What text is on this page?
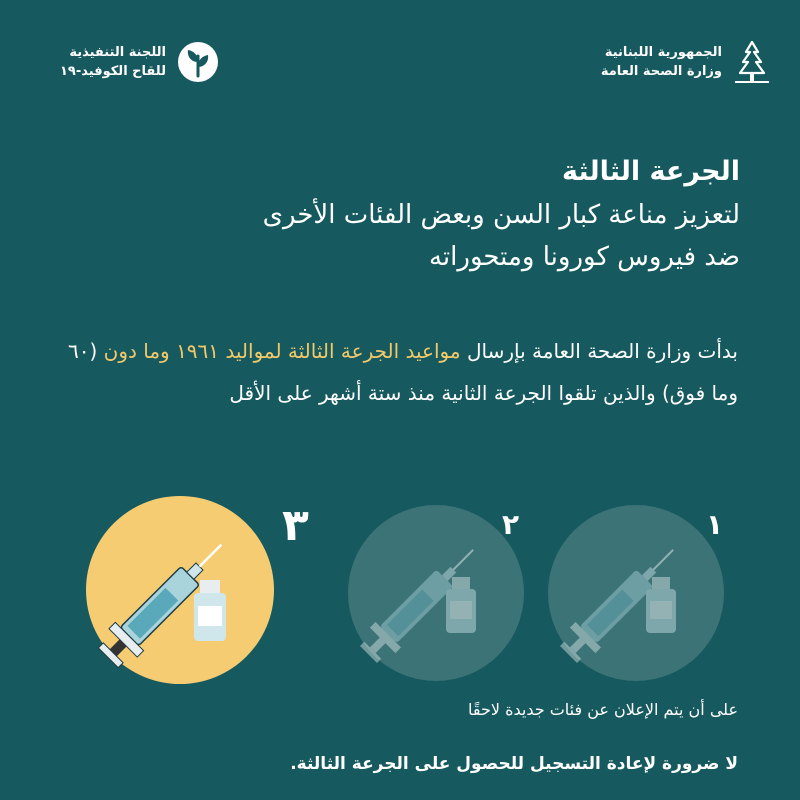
الجمهورية اللبنانية
وزارة الصحة العامة
اللجنة التنفيذية
للقاح الكوفيد-١٩

الجرعة الثالثة

لتعزيز مناعة كبار السن وبعض الفئات الأخرى

ضد فيروس كورونا ومتحوراته

بدأت وزارة الصحة العامة بإرسال مواعيد الجرعة الثالثة لمواليد ١٩٦١ وما دون (٦٠ وما فوق) والذين تلقوا الجرعة الثانية منذ ستة أشهر على الأقل
١
٢
٣
على أن يتم الإعلان عن فئات جديدة لاحقًا
لا ضرورة لإعادة التسجيل للحصول على الجرعة الثالثة.
